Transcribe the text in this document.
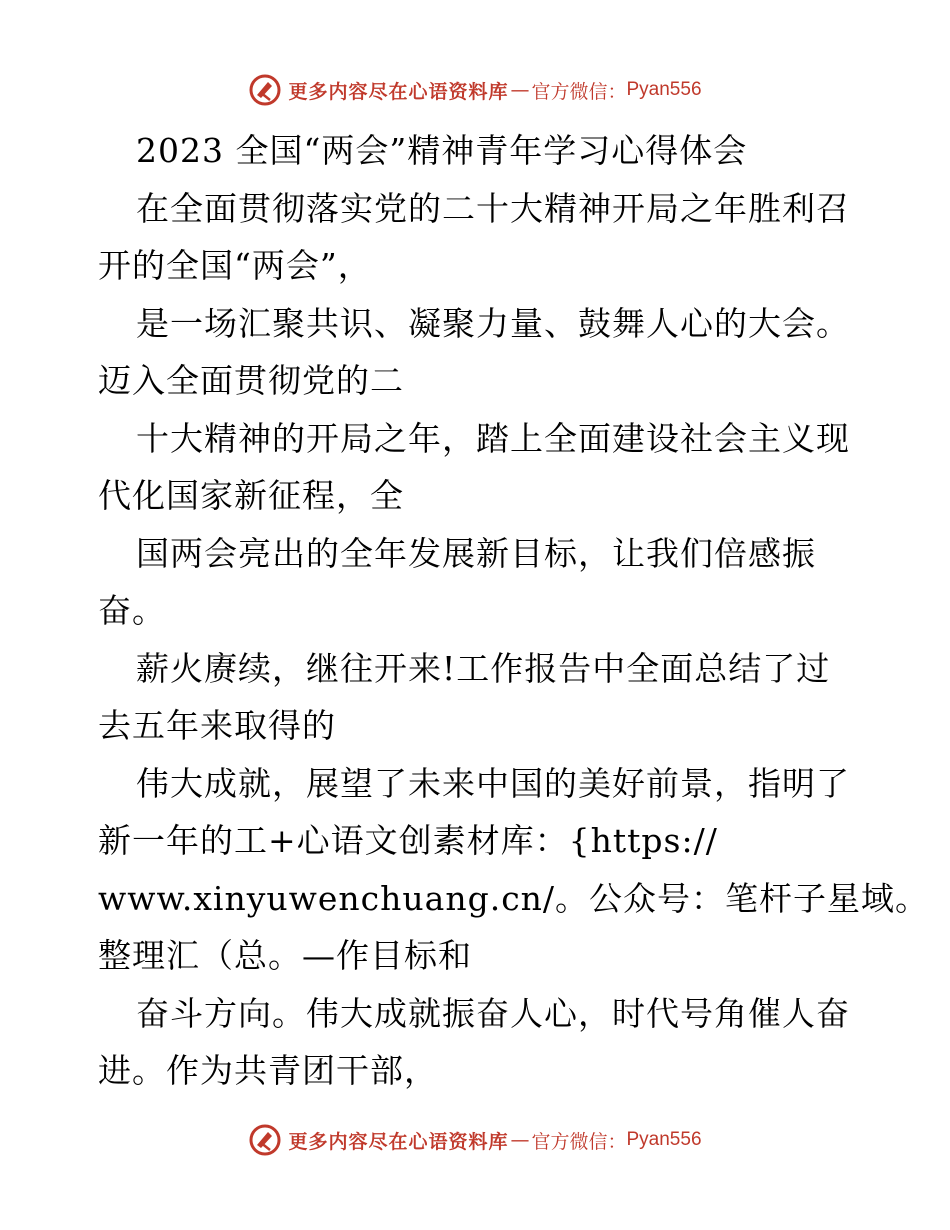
更多内容尽在心语资料库 — 官方微信： Pyan556
2023 全国“两会”精神青年学习心得体会
在全面贯彻落实党的二十大精神开局之年胜利召
开的全国“两会”，
是一场汇聚共识、凝聚力量、鼓舞人心的大会。
迈入全面贯彻党的二
十大精神的开局之年，踏上全面建设社会主义现
代化国家新征程，全
国两会亮出的全年发展新目标，让我们倍感振
奋。
薪火赓续，继往开来!工作报告中全面总结了过
去五年来取得的
伟大成就，展望了未来中国的美好前景，指明了
新一年的工+心语文创素材库：{https://
www.xinyuwenchuang.cn/。公众号：笔杆子星域。
整理汇（总。—作目标和
奋斗方向。伟大成就振奋人心，时代号角催人奋
进。作为共青团干部，
更多内容尽在心语资料库 — 官方微信： Pyan556
